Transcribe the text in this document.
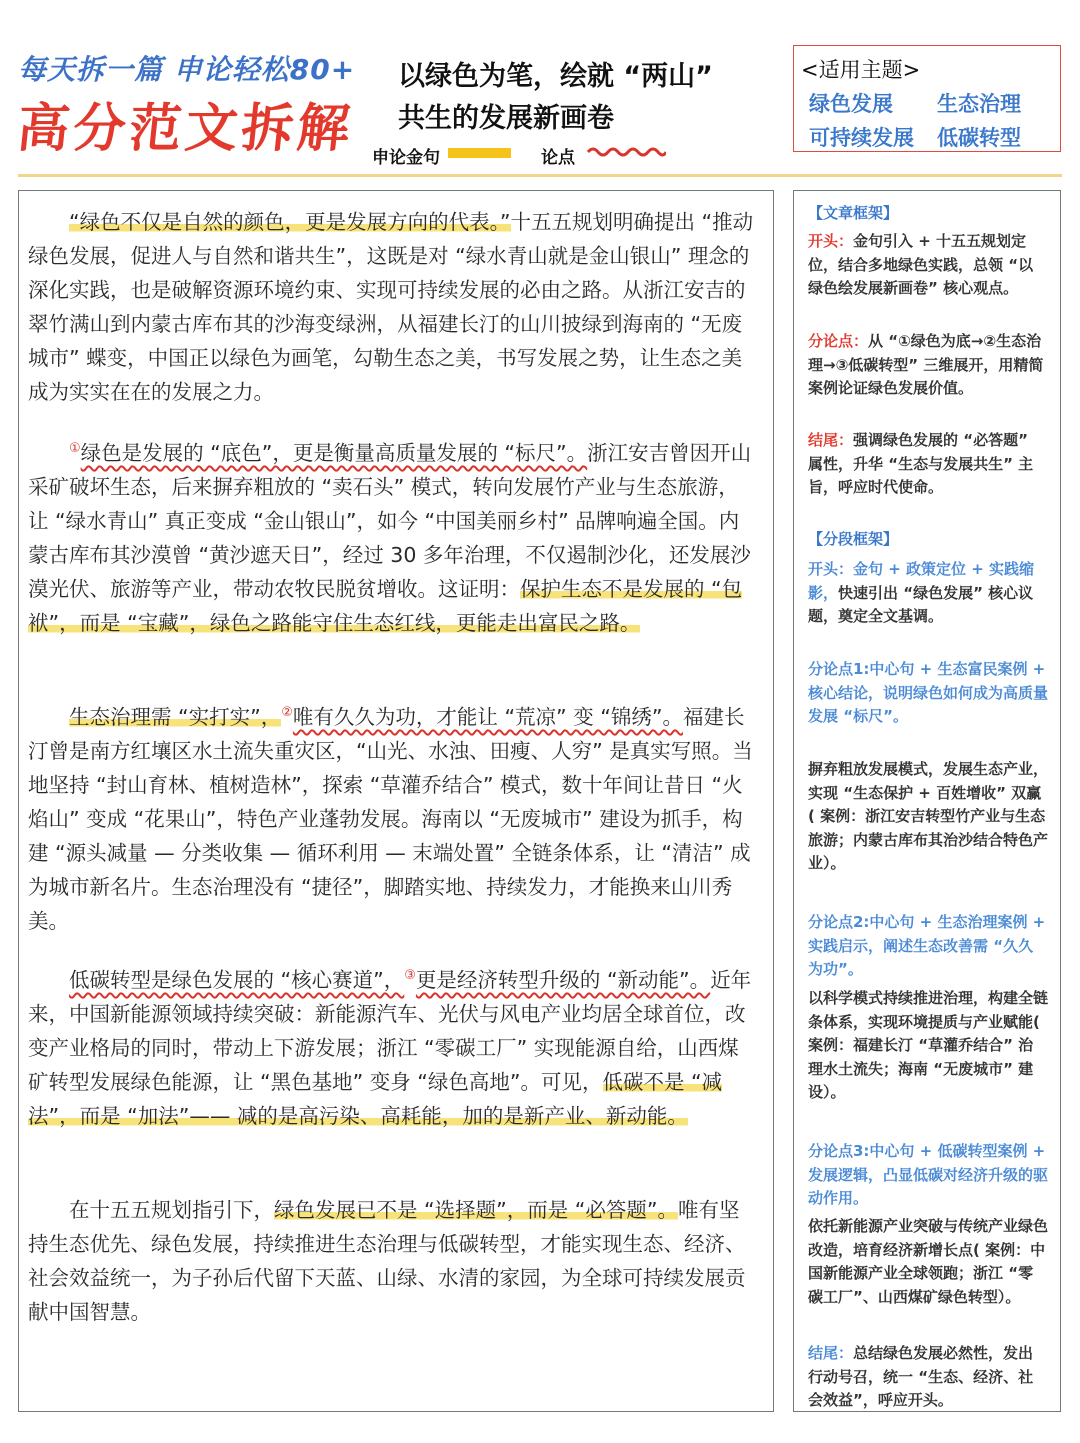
每天拆一篇 申论轻松80+
高分范文拆解
以绿色为笔，绘就 “两山”
共生的发展新画卷
申论金句	论点
<适用主题>
绿色发展 生态治理
可持续发展 低碳转型

“绿色不仅是自然的颜色，更是发展方向的代表。”十五五规划明确提出 “推动绿色发展，促进人与自然和谐共生”，这既是对 “绿水青山就是金山银山” 理念的深化实践，也是破解资源环境约束、实现可持续发展的必由之路。从浙江安吉的翠竹满山到内蒙古库布其的沙海变绿洲，从福建长汀的山川披绿到海南的 “无废城市” 蝶变，中国正以绿色为画笔，勾勒生态之美，书写发展之势，让生态之美成为实实在在的发展之力。

①绿色是发展的 “底色”，更是衡量高质量发展的 “标尺”。浙江安吉曾因开山采矿破坏生态，后来摒弃粗放的 “卖石头” 模式，转向发展竹产业与生态旅游，让 “绿水青山” 真正变成 “金山银山”，如今 “中国美丽乡村” 品牌响遍全国。内蒙古库布其沙漠曾 “黄沙遮天日”，经过 30 多年治理，不仅遏制沙化，还发展沙漠光伏、旅游等产业，带动农牧民脱贫增收。这证明：保护生态不是发展的 “包袱”，而是 “宝藏”，绿色之路能守住生态红线，更能走出富民之路。

生态治理需 “实打实”，②唯有久久为功，才能让 “荒凉” 变 “锦绣”。福建长汀曾是南方红壤区水土流失重灾区，“山光、水浊、田瘦、人穷” 是真实写照。当地坚持 “封山育林、植树造林”，探索 “草灌乔结合” 模式，数十年间让昔日 “火焰山” 变成 “花果山”，特色产业蓬勃发展。海南以 “无废城市” 建设为抓手，构建 “源头减量 — 分类收集 — 循环利用 — 末端处置” 全链条体系，让 “清洁” 成为城市新名片。生态治理没有 “捷径”，脚踏实地、持续发力，才能换来山川秀美。

低碳转型是绿色发展的 “核心赛道”，③更是经济转型升级的 “新动能”。近年来，中国新能源领域持续突破：新能源汽车、光伏与风电产业均居全球首位，改变产业格局的同时，带动上下游发展；浙江 “零碳工厂” 实现能源自给，山西煤矿转型发展绿色能源，让 “黑色基地” 变身 “绿色高地”。可见，低碳不是 “减法”，而是 “加法”—— 减的是高污染、高耗能，加的是新产业、新动能。

在十五五规划指引下，绿色发展已不是 “选择题”，而是 “必答题”。唯有坚持生态优先、绿色发展，持续推进生态治理与低碳转型，才能实现生态、经济、社会效益统一，为子孙后代留下天蓝、山绿、水清的家园，为全球可持续发展贡献中国智慧。

【文章框架】

开头：金句引入 + 十五五规划定位，结合多地绿色实践，总领 “以绿色绘发展新画卷” 核心观点。

分论点：从 “①绿色为底→②生态治理→③低碳转型” 三维展开，用精简案例论证绿色发展价值。

结尾：强调绿色发展的 “必答题” 属性，升华 “生态与发展共生” 主旨，呼应时代使命。

【分段框架】

开头：金句 + 政策定位 + 实践缩影，快速引出 “绿色发展” 核心议题，奠定全文基调。

分论点1:中心句 + 生态富民案例 + 核心结论，说明绿色如何成为高质量发展 “标尺”。

摒弃粗放发展模式，发展生态产业，实现 “生态保护 + 百姓增收” 双赢( 案例：浙江安吉转型竹产业与生态旅游；内蒙古库布其治沙结合特色产业）。

分论点2:中心句 + 生态治理案例 + 实践启示，阐述生态改善需 “久久为功”。

以科学模式持续推进治理，构建全链条体系，实现环境提质与产业赋能( 案例：福建长汀 “草灌乔结合” 治理水土流失；海南 “无废城市” 建设）。

分论点3:中心句 + 低碳转型案例 + 发展逻辑，凸显低碳对经济升级的驱动作用。

依托新能源产业突破与传统产业绿色改造，培育经济新增长点( 案例：中国新能源产业全球领跑；浙江 “零碳工厂”、山西煤矿绿色转型）。

结尾：总结绿色发展必然性，发出行动号召，统一 “生态、经济、社会效益”，呼应开头。
